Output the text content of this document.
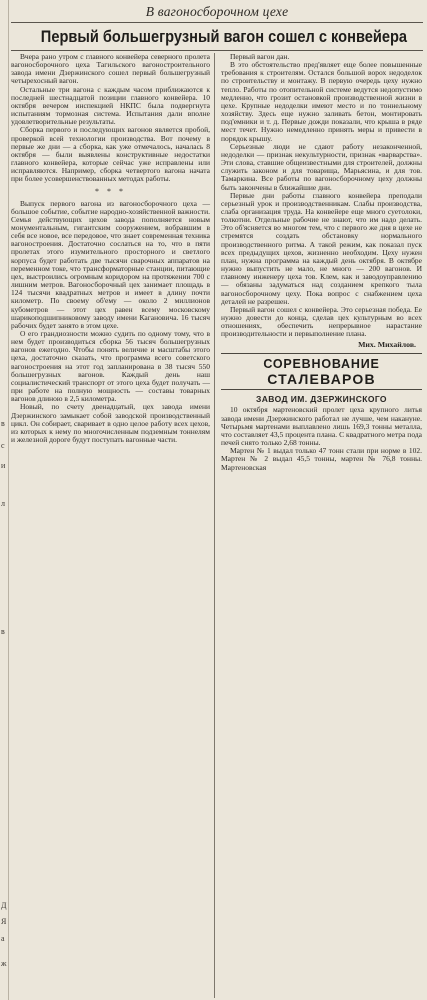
в
с
и
л
в
Д
Я
а
ж
В вагоносборочном цехе
Первый большегрузный вагон сошел с конвейера

Вчера рано утром с главного конвейера северного пролета вагоносборочного цеха Тагильского вагоностроительного завода имени Дзержинского сошел первый большегрузный четырехосный вагон.

Остальные три вагона с каждым часом приближаются к последней шестнадцатой позиции главного конвейера. 10 октября вечером инспекцией НКПС была подвергнута испытаниям тормозная система. Испытания дали вполне удовлетворительные результаты.

Сборка первого и последующих вагонов является пробой, проверкой всей технологии производства. Вот почему в первые же дни — а сборка, как уже отмечалось, началась 8 октября — были выявлены конструктивные недостатки главного конвейера, которые сейчас уже исправлены или исправляются. Например, сборка четвертого вагона начата при более усовершенствованных методах работы.

* * *

Выпуск первого вагона из вагоносборочного цеха — большое событие, событие народно-хозяйственной важности. Семья действующих цехов завода пополняется новым монументальным, гигантским сооружением, вобравшим в себя все новое, все передовое, что знает современная техника вагоностроения. Достаточно сослаться на то, что в пяти пролетах этого изумительного просторного и светлого корпуса будет работать две тысячи сварочных аппаратов на переменном токе, что трансформаторные станции, питающие цех, выстроились огромным коридором на протяжении 700 с лишним метров. Вагоносборочный цех занимает площадь в 124 тысячи квадратных метров и имеет в длину почти километр. По своему об'ему — около 2 миллионов кубометров — этот цех равен всему московскому шарикоподшипниковому заводу имени Кагановича. 16 тысяч рабочих будет занято в этом цехе.

О его грандиозности можно судить по одному тому, что в нем будет производиться сборка 56 тысяч большегрузных вагонов ежегодно. Чтобы понять величие и масштабы этого цеха, достаточно сказать, что программа всего советского вагоностроения на этот год запланирована в 38 тысяч 550 большегрузных вагонов. Каждый день наш социалистический транспорт от этого цеха будет получать — при работе на полную мощность — составы товарных вагонов длиною в 2,5 километра.

Новый, по счету двенадцатый, цех завода имени Дзержинского замыкает собой заводской производственный цикл. Он собирает, сваривает в одно целое работу всех цехов, из которых к нему по многочисленным подземным тоннелям и железной дороге будут поступать вагонные части.

Первый вагон дан.

В это обстоятельство пред'являет еще более повышенные требования к строителям. Остался большой ворох недоделок по строительству и монтажу. В первую очередь цеху нужно тепло. Работы по отопительной системе ведутся недопустимо медленно, что грозит остановкой производственной жизни в цехе. Крупные недоделки имеют место и по тоннельному хозяйству. Здесь еще нужно заливать бетон, монтировать под'емники и т. д. Первые дожди показали, что крыша в ряде мест течет. Нужно немедленно принять меры и привести в порядок крышу.

Серьезные люди не сдают работу незаконченной, недоделки — признак некультурности, признак «варварства». Эти слова, ставшие общеизвестными для строителей, должны служить законом и для товарища, Марьясина, и для тов. Тамаркина. Все работы по вагоносборочному цеху должны быть закончены в ближайшие дни.

Первые дни работы главного конвейера преподали серьезный урок и производственникам. Слабы производства, слаба организация труда. На конвейере еще много суетолоки, толкотни. Отдельные рабочие не знают, что им надо делать. Это об'ясняется во многом тем, что с первого же дня в цехе не стремятся создать обстановку нормального производственного ритма. А такой режим, как показал пуск всех предыдущих цехов, жизненно необходим. Цеху нужен план, нужна программа на каждый день октября. В октябре нужно выпустить не мало, не много — 200 вагонов. И главному инженеру цеха тов. Клем, как и заводоуправлению — обязаны задуматься над созданием крепкого тыла вагоносборочному цеху. Пока вопрос с снабжением цеха деталей не разрешен.

Первый вагон сошел с конвейера. Это серьезная победа. Ее нужно довести до конца, сделав цех культурным во всех отношениях, обеспечить непрерывное нарастание производительности и первыполнение плана.

Мих. Михайлов.
СОРЕВНОВАНИЕ
СТАЛЕВАРОВ
ЗАВОД ИМ. ДЗЕРЖИНСКОГО

10 октября мартеновский пролет цеха крупного литья завода имени Дзержинского работал не лучше, чем накануне. Четырьмя мартенами выплавлено лишь 169,3 тонны металла, что составляет 43,5 процента плана. С квадратного метра пода печей снято только 2,68 тонны.

Мартен № 1 выдал только 47 тонн стали при норме в 102. Мартен № 2 выдал 45,5 тонны, мартен № 76,8 тонны. Мартеновская
